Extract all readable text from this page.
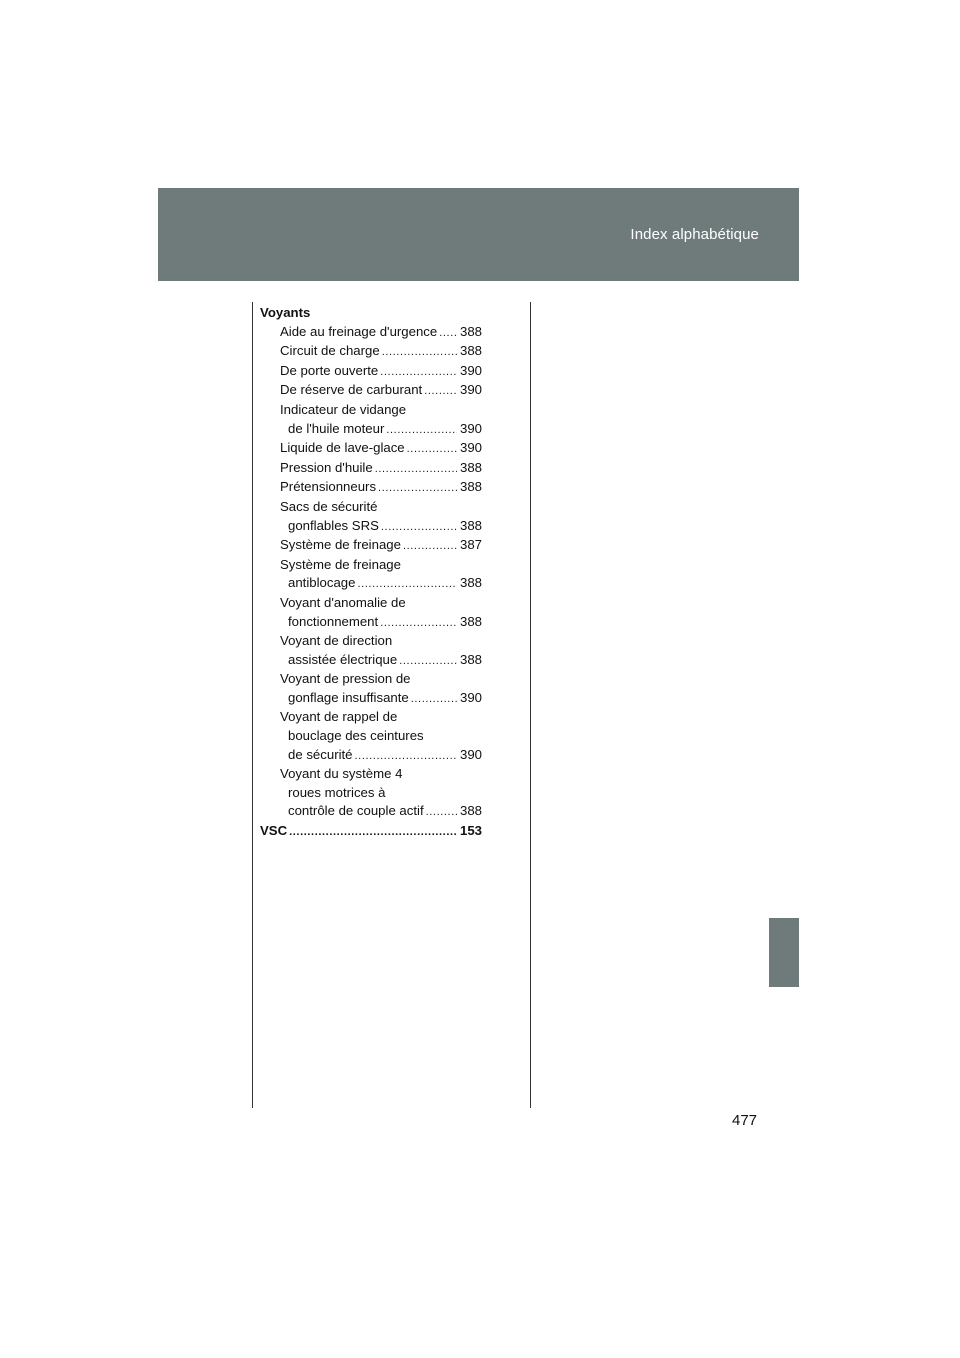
Index alphabétique
Voyants
Aide au freinage d'urgence ..... 388
Circuit de charge .....	388
De porte ouverte .....	390
De réserve de carburant .....	390
Indicateur de vidange
de l'huile moteur .....	390
Liquide de lave-glace .....	390
Pression d'huile .....	388
Prétensionneurs .....	388
Sacs de sécurité
gonflables SRS .....	388
Système de freinage .....	387
Système de freinage
antiblocage .....	388
Voyant d'anomalie de
fonctionnement .....	388
Voyant de direction
assistée électrique .....	388
Voyant de pression de
gonflage insuffisante .....	390
Voyant de rappel de
bouclage des ceintures
de sécurité .....	390
Voyant du système 4
roues motrices à
contrôle de couple actif .....	388
VSC .....	153
477
